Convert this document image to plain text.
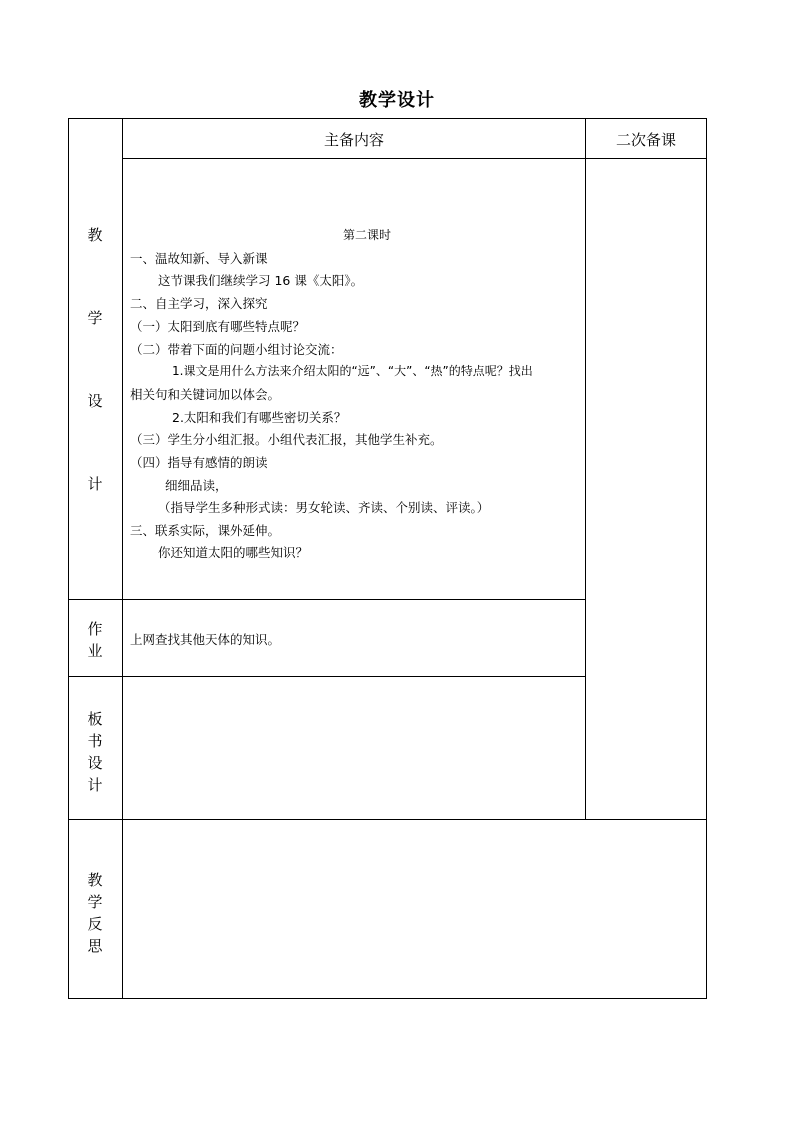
教学设计
主备内容	二次备课
教
学
设
计
作
业
板
书
设
计
教
学
反
思
第二课时
一、温故知新、导入新课
这节课我们继续学习 16 课《太阳》。
二、自主学习，深入探究
（一）太阳到底有哪些特点呢？
（二）带着下面的问题小组讨论交流：
1.课文是用什么方法来介绍太阳的“远”、“大”、“热”的特点呢？找出
相关句和关键词加以体会。
2.太阳和我们有哪些密切关系？
（三）学生分小组汇报。小组代表汇报，其他学生补充。
（四）指导有感情的朗读
细细品读，
（指导学生多种形式读：男女轮读、齐读、个别读、评读。）
三、联系实际，课外延伸。
你还知道太阳的哪些知识？
上网查找其他天体的知识。
